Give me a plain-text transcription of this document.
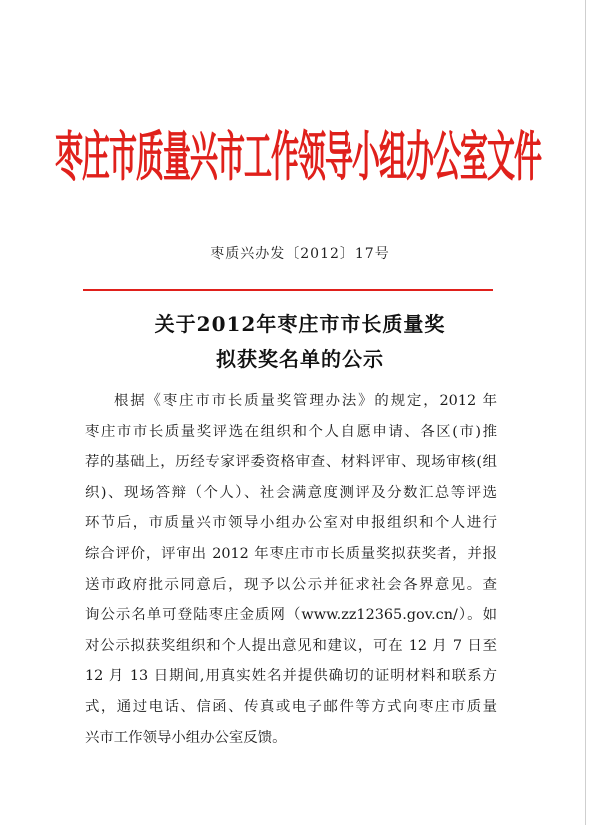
枣庄市质量兴市工作领导小组办公室文件
枣质兴办发〔2012〕17号
关于2012年枣庄市市长质量奖
拟获奖名单的公示
根据《枣庄市市长质量奖管理办法》的规定，2012 年
枣庄市市长质量奖评选在组织和个人自愿申请、各区(市)推
荐的基础上，历经专家评委资格审查、材料评审、现场审核(组
织)、现场答辩（个人）、社会满意度测评及分数汇总等评选
环节后，市质量兴市领导小组办公室对申报组织和个人进行
综合评价，评审出 2012 年枣庄市市长质量奖拟获奖者，并报
送市政府批示同意后，现予以公示并征求社会各界意见。查
询公示名单可登陆枣庄金质网（www.zz12365.gov.cn/）。如
对公示拟获奖组织和个人提出意见和建议，可在 12 月 7 日至
12 月 13 日期间,用真实姓名并提供确切的证明材料和联系方
式，通过电话、信函、传真或电子邮件等方式向枣庄市质量
兴市工作领导小组办公室反馈。
